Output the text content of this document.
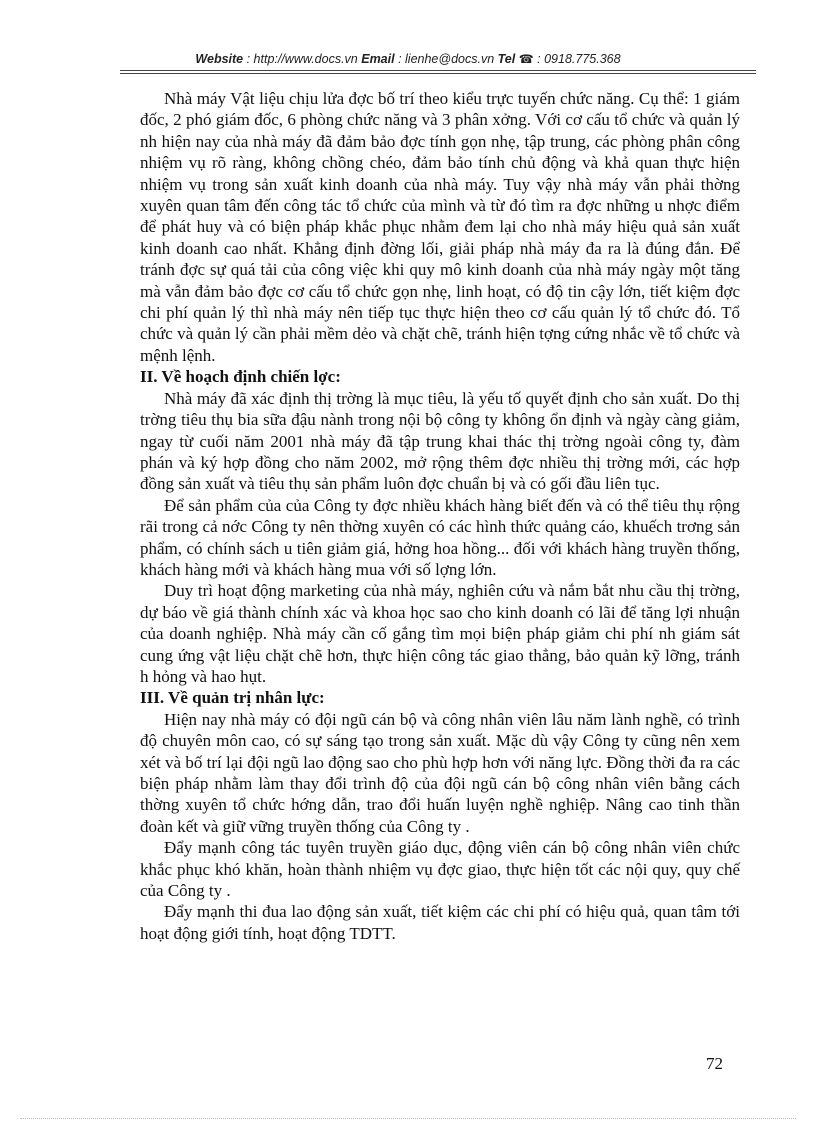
Website : http://www.docs.vn Email : lienhe@docs.vn Tel ☎ : 0918.775.368

Nhà máy Vật liệu chịu lửa đợc bố trí theo kiểu trực tuyến chức năng. Cụ thể: 1 giám đốc, 2 phó giám đốc, 6 phòng chức năng và 3 phân xởng. Với cơ cấu tổ chức và quản lý nh hiện nay của nhà máy đã đảm bảo đợc tính gọn nhẹ, tập trung, các phòng phân công nhiệm vụ rõ ràng, không chồng chéo, đảm bảo tính chủ động và khả quan thực hiện nhiệm vụ trong sản xuất kinh doanh của nhà máy. Tuy vậy nhà máy vẫn phải thờng xuyên quan tâm đến công tác tổ chức của mình và từ đó tìm ra đợc những u nhợc điểm để phát huy và có biện pháp khắc phục nhằm đem lại cho nhà máy hiệu quả sản xuất kinh doanh cao nhất. Khẳng định đờng lối, giải pháp nhà máy đa ra là đúng đắn. Để tránh đợc sự quá tải của công việc khi quy mô kinh doanh của nhà máy ngày một tăng mà vẫn đảm bảo đợc cơ cấu tổ chức gọn nhẹ, linh hoạt, có độ tin cậy lớn, tiết kiệm đợc chi phí quản lý thì nhà máy nên tiếp tục thực hiện theo cơ cấu quản lý tổ chức đó. Tổ chức và quản lý cần phải mềm dẻo và chặt chẽ, tránh hiện tợng cứng nhắc về tổ chức và mệnh lệnh.

II. Về hoạch định chiến lợc:

Nhà máy đã xác định thị trờng là mục tiêu, là yếu tố quyết định cho sản xuất. Do thị trờng tiêu thụ bia sữa đậu nành trong nội bộ công ty không ổn định và ngày càng giảm, ngay từ cuối năm 2001 nhà máy đã tập trung khai thác thị trờng ngoài công ty, đàm phán và ký hợp đồng cho năm 2002, mở rộng thêm đợc nhiều thị trờng mới, các hợp đồng sản xuất và tiêu thụ sản phẩm luôn đợc chuẩn bị và có gối đầu liên tục.

Để sản phẩm của của Công ty đợc nhiều khách hàng biết đến và có thể tiêu thụ rộng rãi trong cả nớc Công ty nên thờng xuyên có các hình thức quảng cáo, khuếch trơng sản phẩm, có chính sách u tiên giảm giá, hởng hoa hồng... đối với khách hàng truyền thống, khách hàng mới và khách hàng mua với số lợng lớn.

Duy trì hoạt động marketing của nhà máy, nghiên cứu và nắm bắt nhu cầu thị trờng, dự báo về giá thành chính xác và khoa học sao cho kinh doanh có lãi để tăng lợi nhuận của doanh nghiệp. Nhà máy cần cố gắng tìm mọi biện pháp giảm chi phí nh giám sát cung ứng vật liệu chặt chẽ hơn, thực hiện công tác giao thẳng, bảo quản kỹ lỡng, tránh h hỏng và hao hụt.

III. Về quản trị nhân lực:

Hiện nay nhà máy có đội ngũ cán bộ và công nhân viên lâu năm lành nghề, có trình độ chuyên môn cao, có sự sáng tạo trong sản xuất. Mặc dù vậy Công ty cũng nên xem xét và bố trí lại đội ngũ lao động sao cho phù hợp hơn với năng lực. Đồng thời đa ra các biện pháp nhằm làm thay đổi trình độ của đội ngũ cán bộ công nhân viên bằng cách thờng xuyên tổ chức hớng dẫn, trao đổi huấn luyện nghề nghiệp. Nâng cao tinh thần đoàn kết và giữ vững truyền thống của Công ty .

Đẩy mạnh công tác tuyên truyền giáo dục, động viên cán bộ công nhân viên chức khắc phục khó khăn, hoàn thành nhiệm vụ đợc giao, thực hiện tốt các nội quy, quy chế của Công ty .

Đẩy mạnh thi đua lao động sản xuất, tiết kiệm các chi phí có hiệu quả, quan tâm tới hoạt động giới tính, hoạt động TDTT.

72
